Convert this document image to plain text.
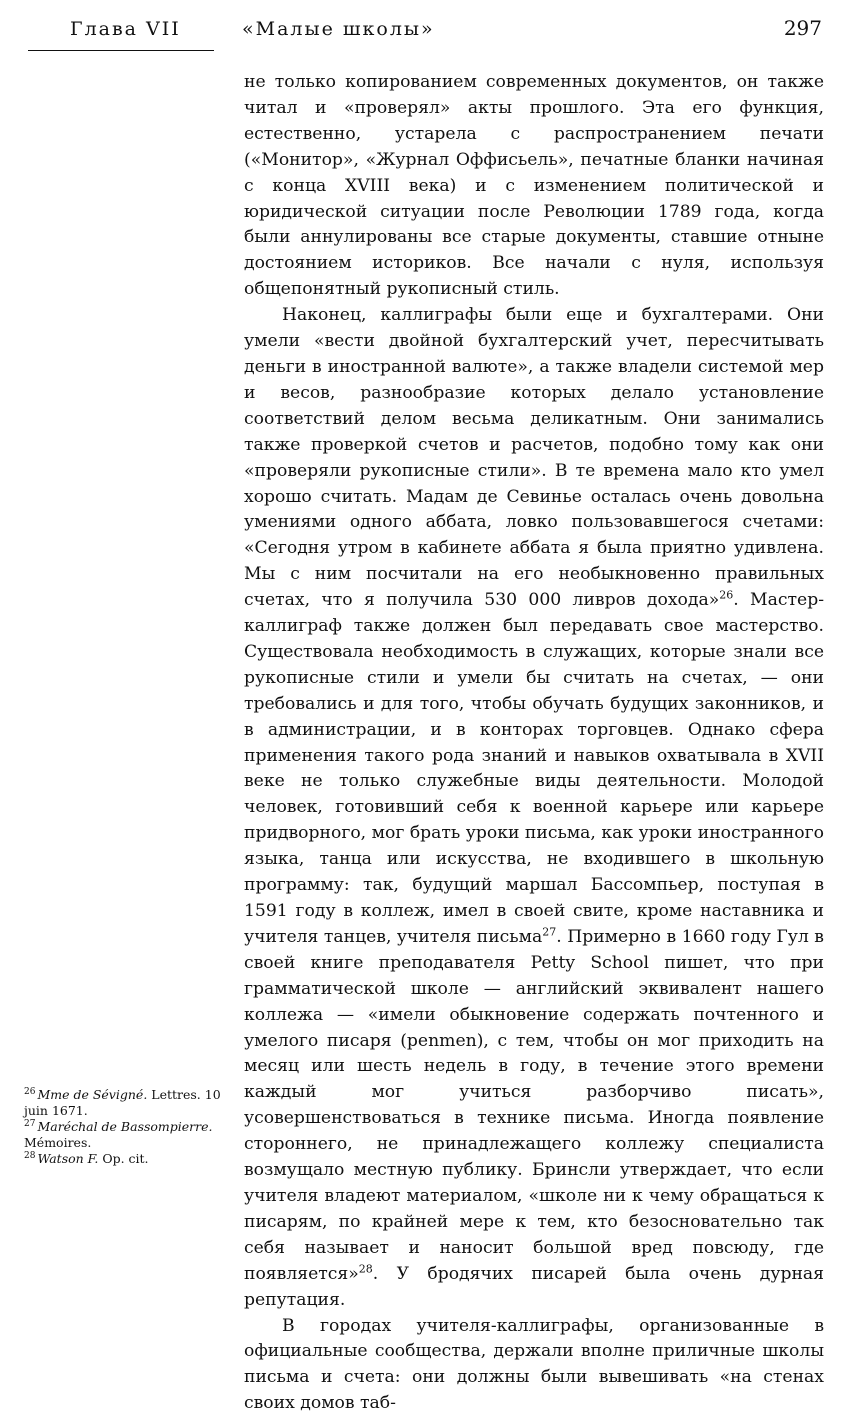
Глава VII	«Малые школы»	297

не только копированием современных документов, он также читал и «проверял» акты прошлого. Эта его функция, естественно, устарела с распространением печати («Монитор», «Журнал Оффисьель», печатные бланки начиная с конца XVIII века) и с изменением политической и юридической ситуации после Революции 1789 года, когда были аннулированы все старые документы, ставшие отныне достоянием историков. Все начали с нуля, используя общепонятный рукописный стиль.

Наконец, каллиграфы были еще и бухгалтерами. Они умели «вести двойной бухгалтерский учет, пересчитывать деньги в иностранной валюте», а также владели системой мер и весов, разнообразие которых делало установление соответствий делом весьма деликатным. Они занимались также проверкой счетов и расчетов, подобно тому как они «проверяли рукописные стили». В те времена мало кто умел хорошо считать. Мадам де Севинье осталась очень довольна умениями одного аббата, ловко пользовавшегося счетами: «Сегодня утром в кабинете аббата я была приятно удивлена. Мы с ним посчитали на его необыкновенно правильных счетах, что я получила 530 000 ливров дохода»$^{26}$. Мастер-каллиграф также должен был передавать свое мастерство. Существовала необходимость в служащих, которые знали все рукописные стили и умели бы считать на счетах, — они требовались и для того, чтобы обучать будущих законников, и в администрации, и в конторах торговцев. Однако сфера применения такого рода знаний и навыков охватывала в XVII веке не только служебные виды деятельности. Молодой человек, готовивший себя к военной карьере или карьере придворного, мог брать уроки письма, как уроки иностранного языка, танца или искусства, не входившего в школьную программу: так, будущий маршал Бассомпьер, поступая в 1591 году в коллеж, имел в своей свите, кроме наставника и учителя танцев, учителя письма$^{27}$. Примерно в 1660 году Гул в своей книге преподавателя Petty School пишет, что при грамматической школе — английский эквивалент нашего коллежа — «имели обыкновение содержать почтенного и умелого писаря (penmen), с тем, чтобы он мог приходить на месяц или шесть недель в году, в течение этого времени каждый мог учиться разборчиво писать», усовершенствоваться в технике письма. Иногда появление стороннего, не принадлежащего коллежу специалиста возмущало местную публику. Бринсли утверждает, что если учителя владеют материалом, «школе ни к чему обращаться к писарям, по крайней мере к тем, кто безосновательно так себя называет и наносит большой вред повсюду, где появляется»$^{28}$. У бродячих писарей была очень дурная репутация.

В городах учителя-каллиграфы, организованные в официальные сообщества, держали вполне приличные школы письма и счета: они должны были вывешивать «на стенах своих домов таб-

$^{26}$ Mme de Sévigné. Lettres. 10 juin 1671.

$^{27}$ Maréchal de Bassompierre. Mémoires.

$^{28}$ Watson F. Op. cit.
